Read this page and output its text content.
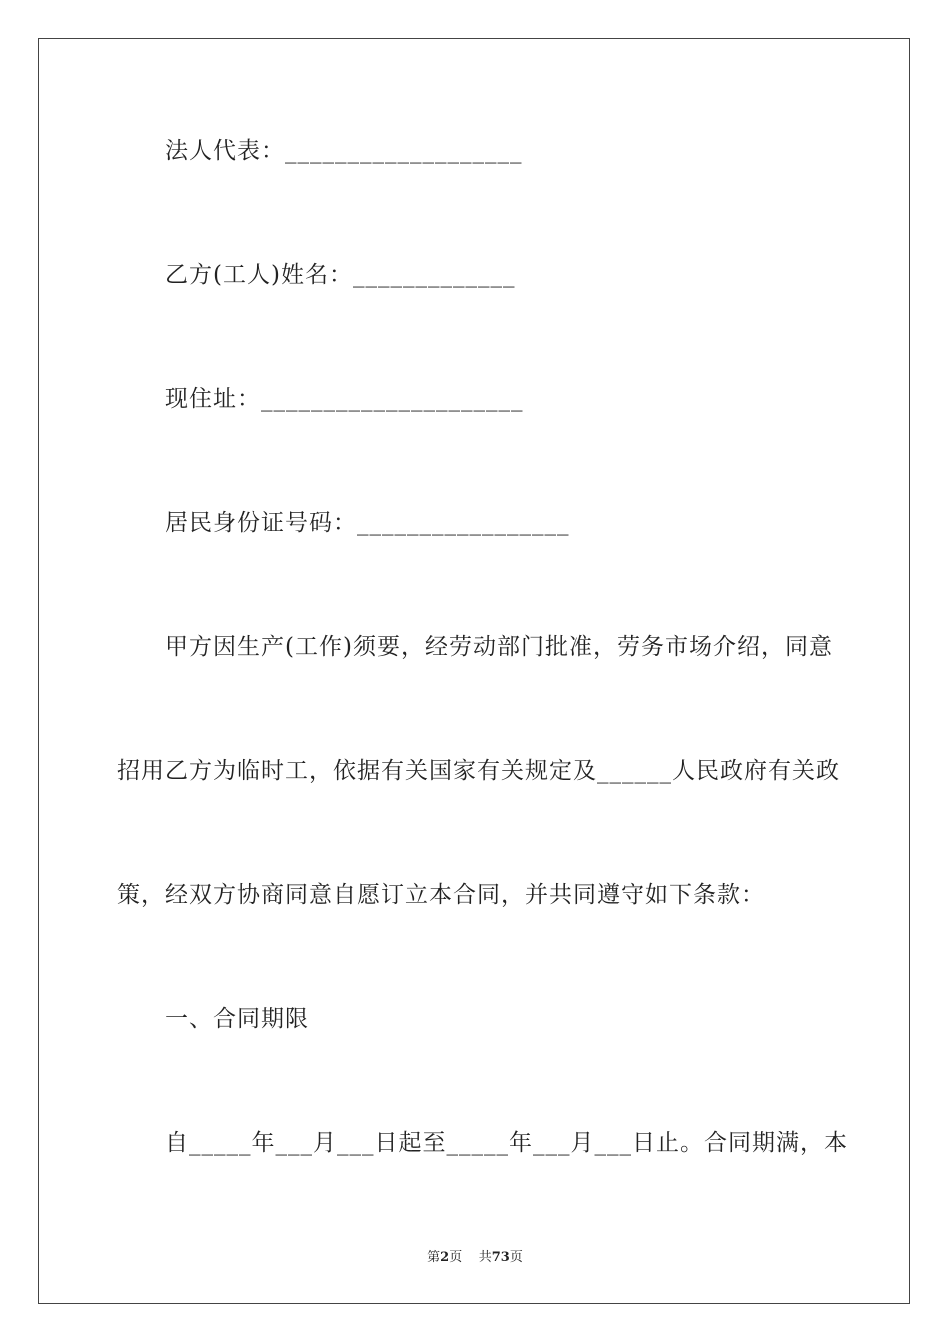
法人代表：___________________
乙方(工人)姓名：_____________
现住址：_____________________
居民身份证号码：_________________
甲方因生产(工作)须要，经劳动部门批准，劳务市场介绍，同意
招用乙方为临时工，依据有关国家有关规定及______人民政府有关政
策，经双方协商同意自愿订立本合同，并共同遵守如下条款：
一、合同期限
自_____年___月___日起至_____年___月___日止。合同期满，本
第2页 共73页
